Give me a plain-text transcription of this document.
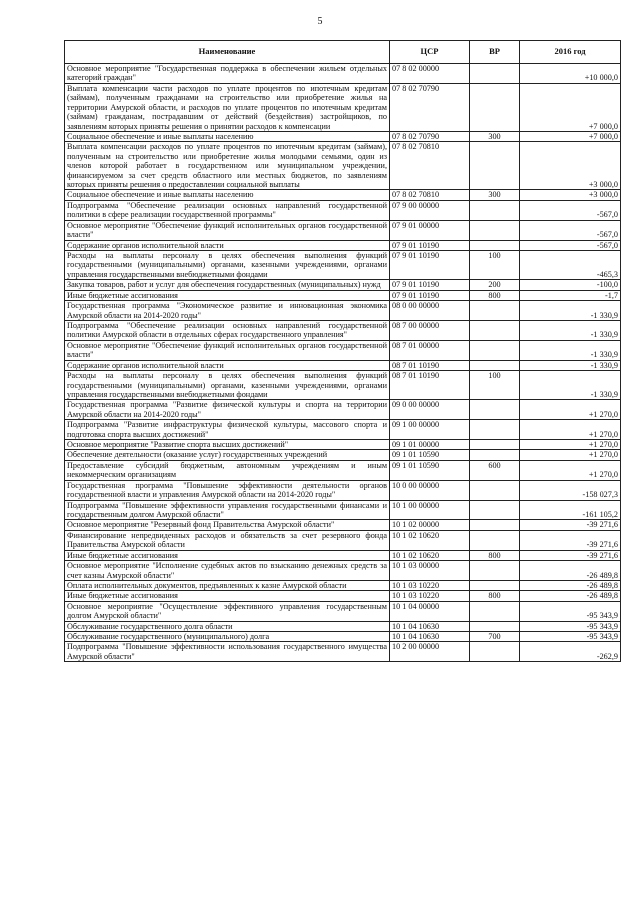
5
Наименование	ЦСР	ВР	2016 год
Основное мероприятие "Государственная поддержка в обеспечении жильем отдельных категорий граждан"	07 8 02 00000		+10 000,0
Выплата компенсации части расходов по уплате процентов по ипотечным кредитам (займам), полученным гражданами на строительство или приобретение жилья на территории Амурской области, и расходов по уплате процентов по ипотечным кредитам (займам) гражданам, пострадавшим от действий (бездействия) застройщиков, по заявлениям которых приняты решения о принятии расходов к компенсации	07 8 02 70790		+7 000,0
Социальное обеспечение и иные выплаты населению	07 8 02 70790	300	+7 000,0
Выплата компенсации расходов по уплате процентов по ипотечным кредитам (займам), полученным на строительство или приобретение жилья молодыми семьями, один из членов которой работает в государственном или муниципальном учреждении, финансируемом за счет средств областного или местных бюджетов, по заявлениям которых приняты решения о предоставлении социальной выплаты	07 8 02 70810		+3 000,0
Социальное обеспечение и иные выплаты населению	07 8 02 70810	300	+3 000,0
Подпрограмма "Обеспечение реализации основных направлений государственной политики в сфере реализации государственной программы"	07 9 00 00000		-567,0
Основное мероприятие "Обеспечение функций исполнительных органов государственной власти"	07 9 01 00000		-567,0
Содержание органов исполнительной власти	07 9 01 10190		-567,0
Расходы на выплаты персоналу в целях обеспечения выполнения функций государственными (муниципальными) органами, казенными учреждениями, органами управления государственными внебюджетными фондами	07 9 01 10190	100	-465,3
Закупка товаров, работ и услуг для обеспечения государственных (муниципальных) нужд	07 9 01 10190	200	-100,0
Иные бюджетные ассигнования	07 9 01 10190	800	-1,7
Государственная программа "Экономическое развитие и инновационная экономика Амурской области на 2014-2020 годы"	08 0 00 00000		-1 330,9
Подпрограмма "Обеспечение реализации основных направлений государственной политики Амурской области в отдельных сферах государственного управления"	08 7 00 00000		-1 330,9
Основное мероприятие "Обеспечение функций исполнительных органов государственной власти"	08 7 01 00000		-1 330,9
Содержание органов исполнительной власти	08 7 01 10190		-1 330,9
Расходы на выплаты персоналу в целях обеспечения выполнения функций государственными (муниципальными) органами, казенными учреждениями, органами управления государственными внебюджетными фондами	08 7 01 10190	100	-1 330,9
Государственная программа "Развитие физической культуры и спорта на территории Амурской области на 2014-2020 годы"	09 0 00 00000		+1 270,0
Подпрограмма "Развитие инфраструктуры физической культуры, массового спорта и подготовка спорта высших достижений"	09 1 00 00000		+1 270,0
Основное мероприятие "Развитие спорта высших достижений"	09 1 01 00000		+1 270,0
Обеспечение деятельности (оказание услуг) государственных учреждений	09 1 01 10590		+1 270,0
Предоставление субсидий бюджетным, автономным учреждениям и иным некоммерческим организациям	09 1 01 10590	600	+1 270,0
Государственная программа "Повышение эффективности деятельности органов государственной власти и управления Амурской области на 2014-2020 годы"	10 0 00 00000		-158 027,3
Подпрограмма "Повышение эффективности управления государственными финансами и государственным долгом Амурской области"	10 1 00 00000		-161 105,2
Основное мероприятие "Резервный фонд Правительства Амурской области"	10 1 02 00000		-39 271,6
Финансирование непредвиденных расходов и обязательств за счет резервного фонда Правительства Амурской области	10 1 02 10620		-39 271,6
Иные бюджетные ассигнования	10 1 02 10620	800	-39 271,6
Основное мероприятие "Исполнение судебных актов по взысканию денежных средств за счет казны Амурской области"	10 1 03 00000		-26 489,8
Оплата исполнительных документов, предъявленных к казне Амурской области	10 1 03 10220		-26 489,8
Иные бюджетные ассигнования	10 1 03 10220	800	-26 489,8
Основное мероприятие "Осуществление эффективного управления государственным долгом Амурской области"	10 1 04 00000		-95 343,9
Обслуживание государственного долга области	10 1 04 10630		-95 343,9
Обслуживание государственного (муниципального) долга	10 1 04 10630	700	-95 343,9
Подпрограмма "Повышение эффективности использования государственного имущества Амурской области"	10 2 00 00000		-262,9
